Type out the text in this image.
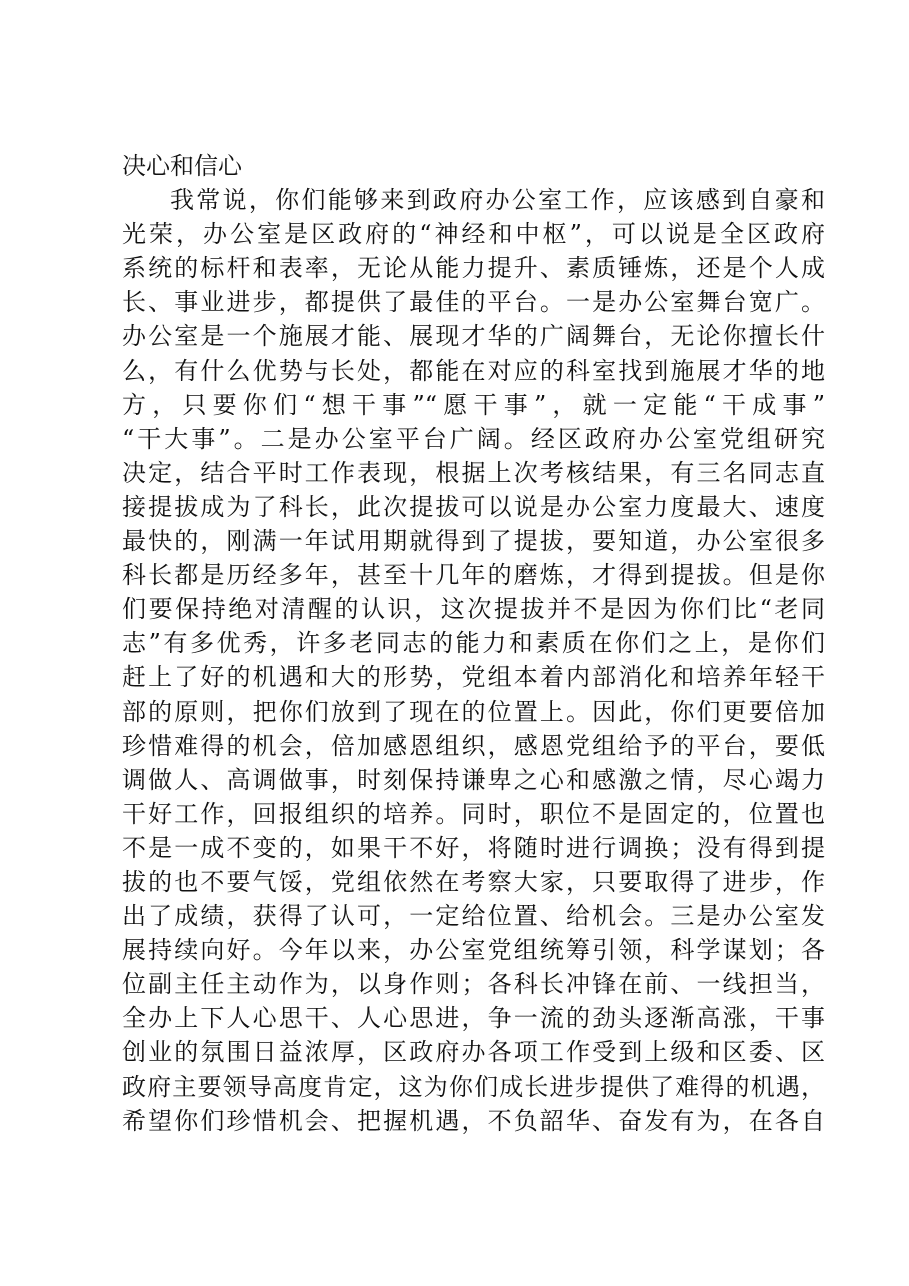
决心和信心
我常说，你们能够来到政府办公室工作，应该感到自豪和
光荣，办公室是区政府的“神经和中枢”，可以说是全区政府
系统的标杆和表率，无论从能力提升、素质锤炼，还是个人成
长、事业进步，都提供了最佳的平台。一是办公室舞台宽广。
办公室是一个施展才能、展现才华的广阔舞台，无论你擅长什
么，有什么优势与长处，都能在对应的科室找到施展才华的地
方，只要你们“想干事”“愿干事”，就一定能“干成事”
“干大事”。二是办公室平台广阔。经区政府办公室党组研究
决定，结合平时工作表现，根据上次考核结果，有三名同志直
接提拔成为了科长，此次提拔可以说是办公室力度最大、速度
最快的，刚满一年试用期就得到了提拔，要知道，办公室很多
科长都是历经多年，甚至十几年的磨炼，才得到提拔。但是你
们要保持绝对清醒的认识，这次提拔并不是因为你们比“老同
志”有多优秀，许多老同志的能力和素质在你们之上，是你们
赶上了好的机遇和大的形势，党组本着内部消化和培养年轻干
部的原则，把你们放到了现在的位置上。因此，你们更要倍加
珍惜难得的机会，倍加感恩组织，感恩党组给予的平台，要低
调做人、高调做事，时刻保持谦卑之心和感激之情，尽心竭力
干好工作，回报组织的培养。同时，职位不是固定的，位置也
不是一成不变的，如果干不好，将随时进行调换；没有得到提
拔的也不要气馁，党组依然在考察大家，只要取得了进步，作
出了成绩，获得了认可，一定给位置、给机会。三是办公室发
展持续向好。今年以来，办公室党组统筹引领，科学谋划；各
位副主任主动作为，以身作则；各科长冲锋在前、一线担当，
全办上下人心思干、人心思进，争一流的劲头逐渐高涨，干事
创业的氛围日益浓厚，区政府办各项工作受到上级和区委、区
政府主要领导高度肯定，这为你们成长进步提供了难得的机遇，
希望你们珍惜机会、把握机遇，不负韶华、奋发有为，在各自
